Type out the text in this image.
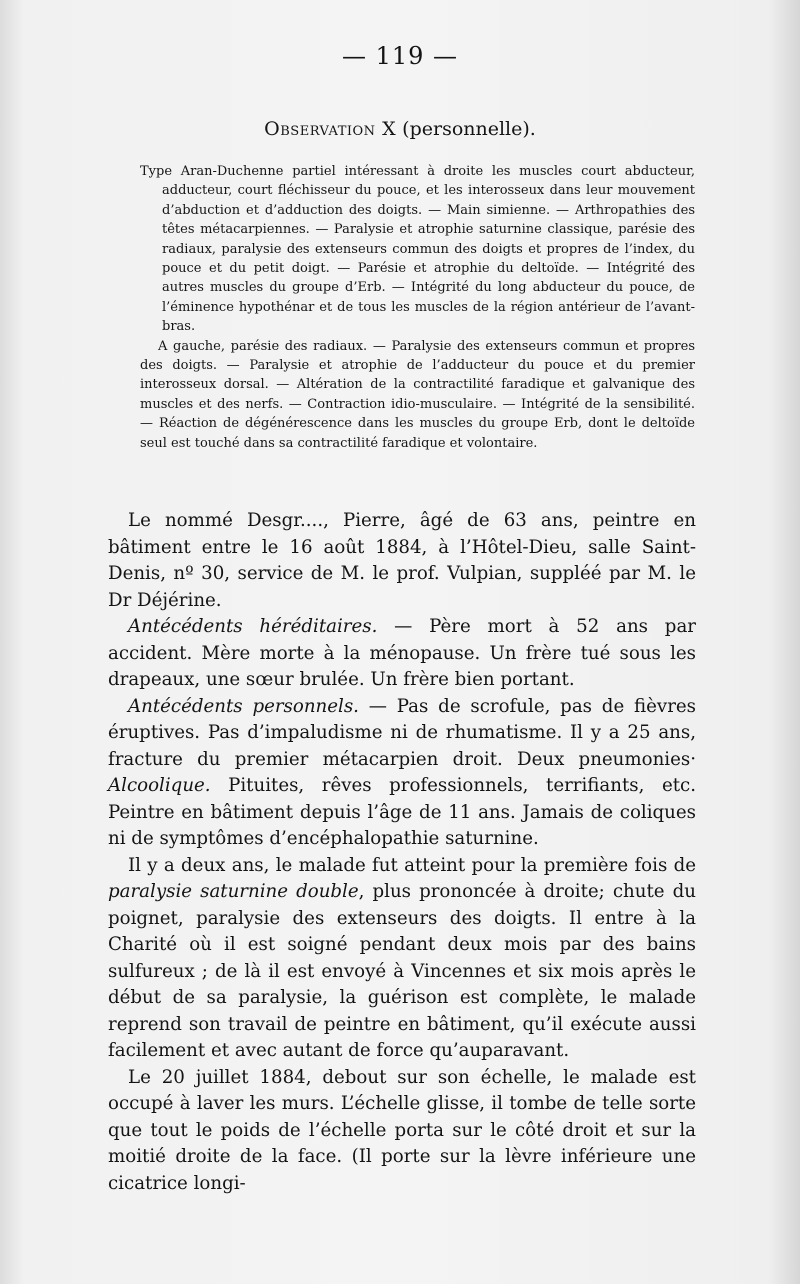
— 119 —
Observation X (personnelle).

Type Aran-Duchenne partiel intéressant à droite les muscles court abducteur, adducteur, court fléchisseur du pouce, et les interosseux dans leur mouvement d’abduction et d’adduction des doigts. — Main simienne. — Arthropathies des têtes métacarpiennes. — Paralysie et atrophie saturnine classique, parésie des radiaux, paralysie des extenseurs commun des doigts et propres de l’index, du pouce et du petit doigt. — Parésie et atrophie du deltoïde. — Intégrité des autres muscles du groupe d’Erb. — Intégrité du long abducteur du pouce, de l’éminence hypothénar et de tous les muscles de la région antérieur de l’avant-bras.

A gauche, parésie des radiaux. — Paralysie des extenseurs commun et propres des doigts. — Paralysie et atrophie de l’adducteur du pouce et du premier interosseux dorsal. — Altération de la contractilité faradique et galvanique des muscles et des nerfs. — Contraction idio-musculaire. — Intégrité de la sensibilité. — Réaction de dégénérescence dans les muscles du groupe Erb, dont le deltoïde seul est touché dans sa contractilité faradique et volontaire.

Le nommé Desgr...., Pierre, âgé de 63 ans, peintre en bâtiment entre le 16 août 1884, à l’Hôtel-Dieu, salle Saint-Denis, nº 30, service de M. le prof. Vulpian, suppléé par M. le Dr Déjérine.

Antécédents héréditaires. — Père mort à 52 ans par accident. Mère morte à la ménopause. Un frère tué sous les drapeaux, une sœur brulée. Un frère bien portant.

Antécédents personnels. — Pas de scrofule, pas de fièvres éruptives. Pas d’impaludisme ni de rhumatisme. Il y a 25 ans, fracture du premier métacarpien droit. Deux pneumonies· Alcoolique. Pituites, rêves professionnels, terrifiants, etc. Peintre en bâtiment depuis l’âge de 11 ans. Jamais de coliques ni de symptômes d’encéphalopathie saturnine.

Il y a deux ans, le malade fut atteint pour la première fois de paralysie saturnine double, plus prononcée à droite; chute du poignet, paralysie des extenseurs des doigts. Il entre à la Charité où il est soigné pendant deux mois par des bains sulfureux ; de là il est envoyé à Vincennes et six mois après le début de sa paralysie, la guérison est complète, le malade reprend son travail de peintre en bâtiment, qu’il exécute aussi facilement et avec autant de force qu’auparavant.

Le 20 juillet 1884, debout sur son échelle, le malade est occupé à laver les murs. L’échelle glisse, il tombe de telle sorte que tout le poids de l’échelle porta sur le côté droit et sur la moitié droite de la face. (Il porte sur la lèvre inférieure une cicatrice longi-
